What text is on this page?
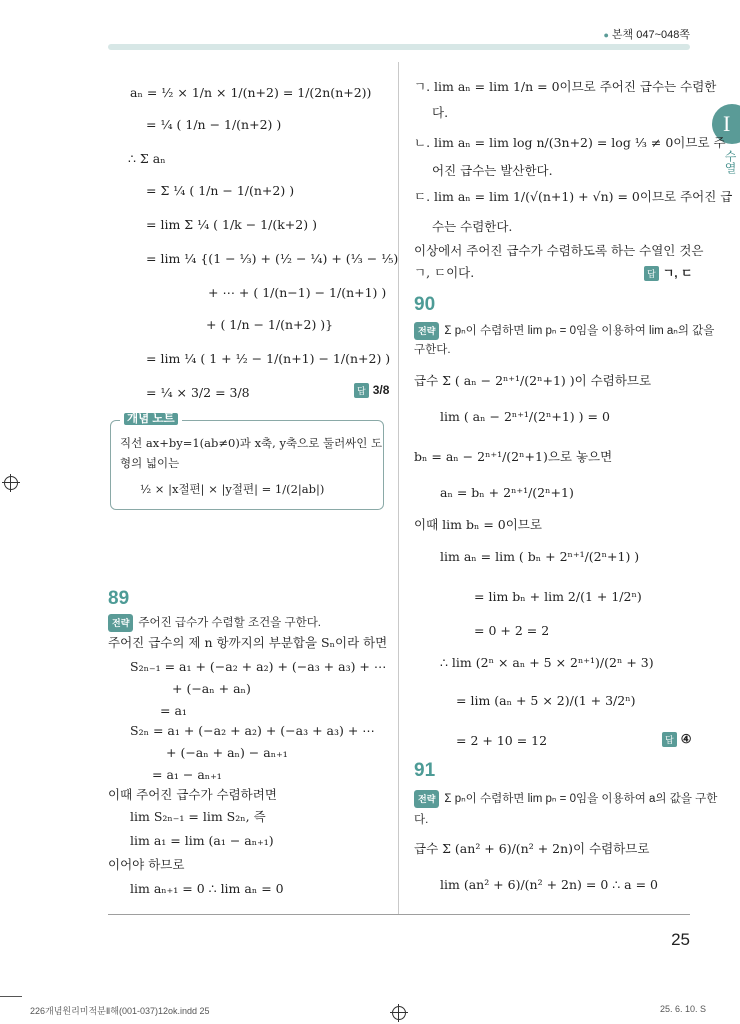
● 본책 047~048쪽
I
수열
aₙ = ½ × 1/n × 1/(n+2) = 1/(2n(n+2))
= ¼ ( 1/n − 1/(n+2) )
∴ Σ aₙ
= Σ ¼ ( 1/n − 1/(n+2) )
= lim Σ ¼ ( 1/k − 1/(k+2) )
= lim ¼ {(1 − ⅓) + (½ − ¼) + (⅓ − ⅕)
+ ⋯ + ( 1/(n−1) − 1/(n+1) )
+ ( 1/n − 1/(n+2) )}
= lim ¼ ( 1 + ½ − 1/(n+1) − 1/(n+2) )
= ¼ × 3/2 = 3/8	답 3/8
개념 노트
직선 ax+by=1(ab≠0)과 x축, y축으로 둘러싸인 도
형의 넓이는
½ × |x절편| × |y절편| = 1/(2|ab|)
89
전략 주어진 급수가 수렴할 조건을 구한다.
주어진 급수의 제 n 항까지의 부분합을 Sₙ이라 하면
S₂ₙ₋₁ = a₁ + (−a₂ + a₂) + (−a₃ + a₃) + ⋯
+ (−aₙ + aₙ)
= a₁
S₂ₙ = a₁ + (−a₂ + a₂) + (−a₃ + a₃) + ⋯
+ (−aₙ + aₙ) − aₙ₊₁
= a₁ − aₙ₊₁
이때 주어진 급수가 수렴하려면
lim S₂ₙ₋₁ = lim S₂ₙ, 즉
lim a₁ = lim (a₁ − aₙ₊₁)
이어야 하므로
lim aₙ₊₁ = 0 ∴ lim aₙ = 0
ㄱ. lim aₙ = lim 1/n = 0이므로 주어진 급수는 수렴한
다.
ㄴ. lim aₙ = lim log n/(3n+2) = log ⅓ ≠ 0이므로 주
어진 급수는 발산한다.
ㄷ. lim aₙ = lim 1/(√(n+1) + √n) = 0이므로 주어진 급
수는 수렴한다.
이상에서 주어진 급수가 수렴하도록 하는 수열인 것은
ㄱ, ㄷ이다.	답 ㄱ, ㄷ
90
전략 Σ pₙ이 수렴하면 lim pₙ = 0임을 이용하여 lim aₙ의 값을
구한다.
급수 Σ ( aₙ − 2ⁿ⁺¹/(2ⁿ+1) )이 수렴하므로
lim ( aₙ − 2ⁿ⁺¹/(2ⁿ+1) ) = 0
bₙ = aₙ − 2ⁿ⁺¹/(2ⁿ+1)으로 놓으면
aₙ = bₙ + 2ⁿ⁺¹/(2ⁿ+1)
이때 lim bₙ = 0이므로
lim aₙ = lim ( bₙ + 2ⁿ⁺¹/(2ⁿ+1) )
= lim bₙ + lim 2/(1 + 1/2ⁿ)
= 0 + 2 = 2
∴ lim (2ⁿ × aₙ + 5 × 2ⁿ⁺¹)/(2ⁿ + 3)
= lim (aₙ + 5 × 2)/(1 + 3/2ⁿ)
= 2 + 10 = 12	답 ④
91
전략 Σ pₙ이 수렴하면 lim pₙ = 0임을 이용하여 a의 값을 구한
다.
급수 Σ (an² + 6)/(n² + 2n)이 수렴하므로
lim (an² + 6)/(n² + 2n) = 0 ∴ a = 0
25
226개념원리미적분Ⅱ해(001-037)12ok.indd 25	25. 6. 10. S
